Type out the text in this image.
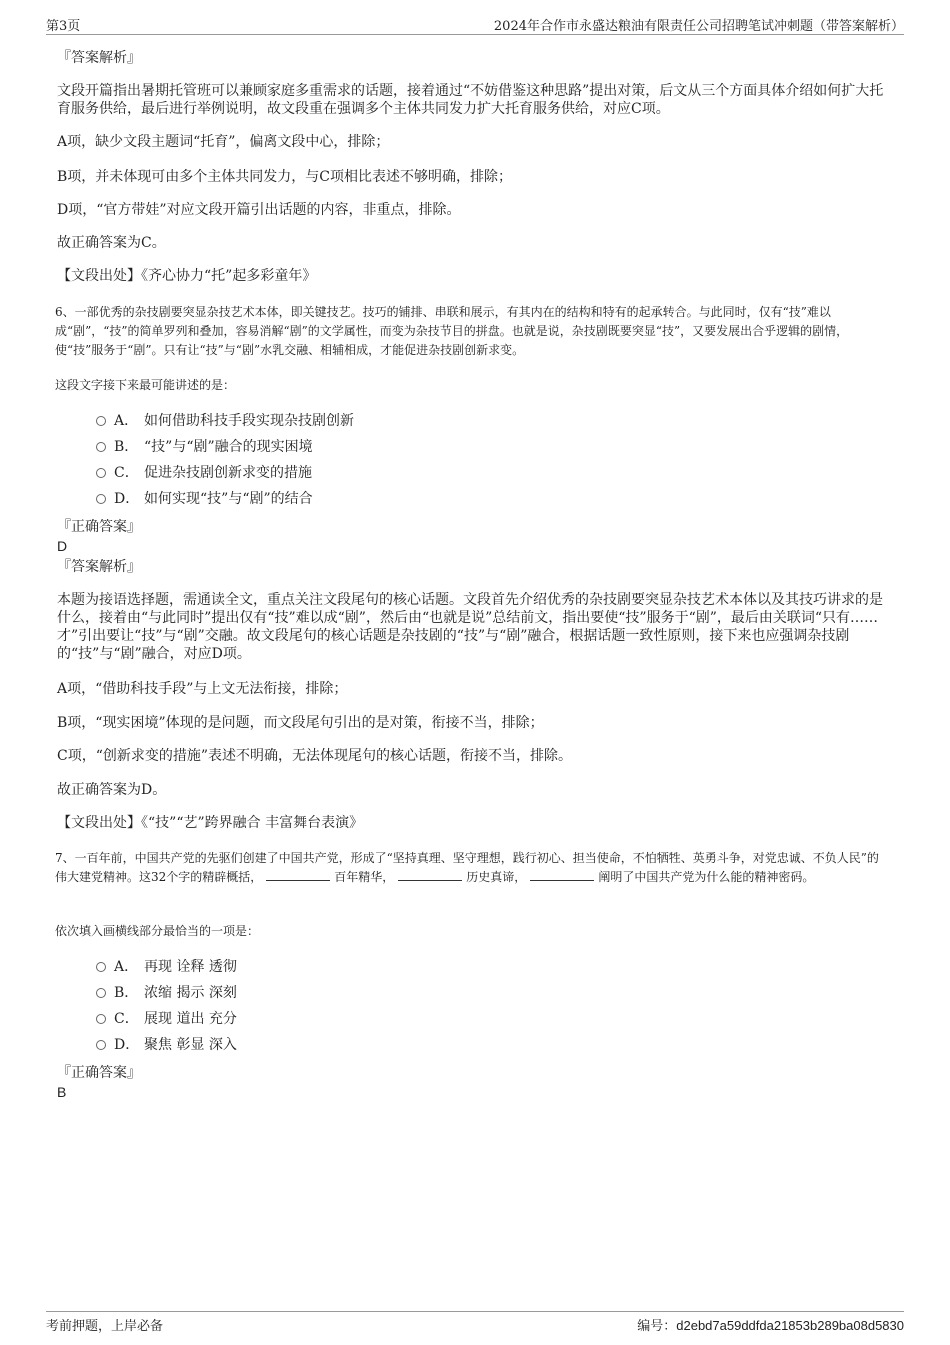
第3页	2024年合作市永盛达粮油有限责任公司招聘笔试冲刺题（带答案解析）
『答案解析』
文段开篇指出暑期托管班可以兼顾家庭多重需求的话题，接着通过“不妨借鉴这种思路”提出对策，后文从三个方面具体介绍如何扩大托育服务供给，最后进行举例说明，故文段重在强调多个主体共同发力扩大托育服务供给，对应C项。
A项，缺少文段主题词“托育”，偏离文段中心，排除；
B项，并未体现可由多个主体共同发力，与C项相比表述不够明确，排除；
D项，“官方带娃”对应文段开篇引出话题的内容，非重点，排除。
故正确答案为C。
【文段出处】《齐心协力“托”起多彩童年》
6、一部优秀的杂技剧要突显杂技艺术本体，即关键技艺。技巧的铺排、串联和展示，有其内在的结构和特有的起承转合。与此同时，仅有“技”难以成“剧”，“技”的简单罗列和叠加，容易消解“剧”的文学属性，而变为杂技节目的拼盘。也就是说，杂技剧既要突显“技”，又要发展出合乎逻辑的剧情，使“技”服务于“剧”。只有让“技”与“剧”水乳交融、相辅相成，才能促进杂技剧创新求变。
这段文字接下来最可能讲述的是：
A． 如何借助科技手段实现杂技剧创新
B． “技”与“剧”融合的现实困境
C． 促进杂技剧创新求变的措施
D． 如何实现“技”与“剧”的结合
『正确答案』
D
『答案解析』
本题为接语选择题，需通读全文，重点关注文段尾句的核心话题。文段首先介绍优秀的杂技剧要突显杂技艺术本体以及其技巧讲求的是什么，接着由“与此同时”提出仅有“技”难以成“剧”，然后由“也就是说”总结前文，指出要使“技”服务于“剧”，最后由关联词“只有……才”引出要让“技”与“剧”交融。故文段尾句的核心话题是杂技剧的“技”与“剧”融合，根据话题一致性原则，接下来也应强调杂技剧的“技”与“剧”融合，对应D项。
A项，“借助科技手段”与上文无法衔接，排除；
B项，“现实困境”体现的是问题，而文段尾句引出的是对策，衔接不当，排除；
C项，“创新求变的措施”表述不明确，无法体现尾句的核心话题，衔接不当，排除。
故正确答案为D。
【文段出处】《“技”“艺”跨界融合 丰富舞台表演》
7、一百年前，中国共产党的先驱们创建了中国共产党，形成了“坚持真理、坚守理想，践行初心、担当使命，不怕牺牲、英勇斗争，对党忠诚、不负人民”的伟大建党精神。这32个字的精辟概括，	百年精华，	历史真谛，	阐明了中国共产党为什么能的精神密码。
依次填入画横线部分最恰当的一项是：
A． 再现 诠释 透彻
B． 浓缩 揭示 深刻
C． 展现 道出 充分
D． 聚焦 彰显 深入
『正确答案』
B
考前押题，上岸必备	编号：d2ebd7a59ddfda21853b289ba08d5830
